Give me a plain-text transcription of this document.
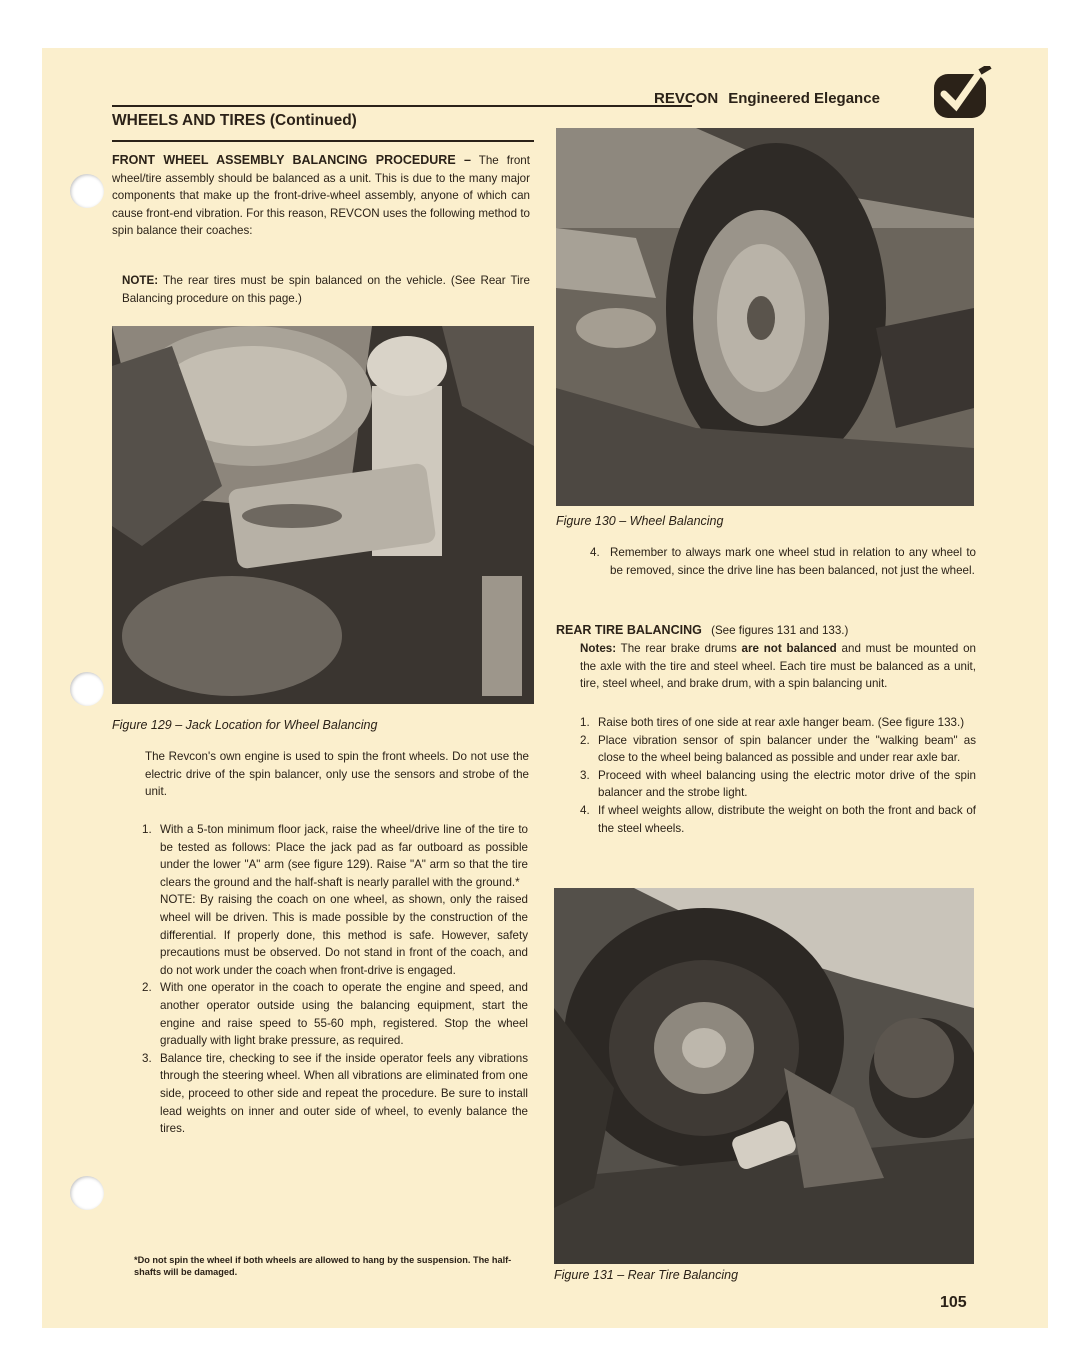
REVCON Engineered Elegance
WHEELS AND TIRES (Continued)
FRONT WHEEL ASSEMBLY BALANCING PROCEDURE – The front wheel/tire assembly should be balanced as a unit. This is due to the many major components that make up the front-drive-wheel assembly, anyone of which can cause front-end vibration. For this reason, REVCON uses the following method to spin balance their coaches:
NOTE: The rear tires must be spin balanced on the vehicle. (See Rear Tire Balancing procedure on this page.)
Figure 129 – Jack Location for Wheel Balancing
The Revcon's own engine is used to spin the front wheels. Do not use the electric drive of the spin balancer, only use the sensors and strobe of the unit.
1. With a 5-ton minimum floor jack, raise the wheel/drive line of the tire to be tested as follows: Place the jack pad as far outboard as possible under the lower "A" arm (see figure 129). Raise "A" arm so that the tire clears the ground and the half-shaft is nearly parallel with the ground.*
NOTE: By raising the coach on one wheel, as shown, only the raised wheel will be driven. This is made possible by the construction of the differential. If properly done, this method is safe. However, safety precautions must be observed. Do not stand in front of the coach, and do not work under the coach when front-drive is engaged.
2. With one operator in the coach to operate the engine and speed, and another operator outside using the balancing equipment, start the engine and raise speed to 55-60 mph, registered. Stop the wheel gradually with light brake pressure, as required.
3. Balance tire, checking to see if the inside operator feels any vibrations through the steering wheel. When all vibrations are eliminated from one side, proceed to other side and repeat the procedure. Be sure to install lead weights on inner and outer side of wheel, to evenly balance the tires.
*Do not spin the wheel if both wheels are allowed to hang by the suspension. The half-shafts will be damaged.
Figure 130 – Wheel Balancing
4. Remember to always mark one wheel stud in relation to any wheel to be removed, since the drive line has been balanced, not just the wheel.
REAR TIRE BALANCING (See figures 131 and 133.)
Notes: The rear brake drums are not balanced and must be mounted on the axle with the tire and steel wheel. Each tire must be balanced as a unit, tire, steel wheel, and brake drum, with a spin balancing unit.
1. Raise both tires of one side at rear axle hanger beam. (See figure 133.)
2. Place vibration sensor of spin balancer under the "walking beam" as close to the wheel being balanced as possible and under rear axle bar.
3. Proceed with wheel balancing using the electric motor drive of the spin balancer and the strobe light.
4. If wheel weights allow, distribute the weight on both the front and back of the steel wheels.
Figure 131 – Rear Tire Balancing
105
